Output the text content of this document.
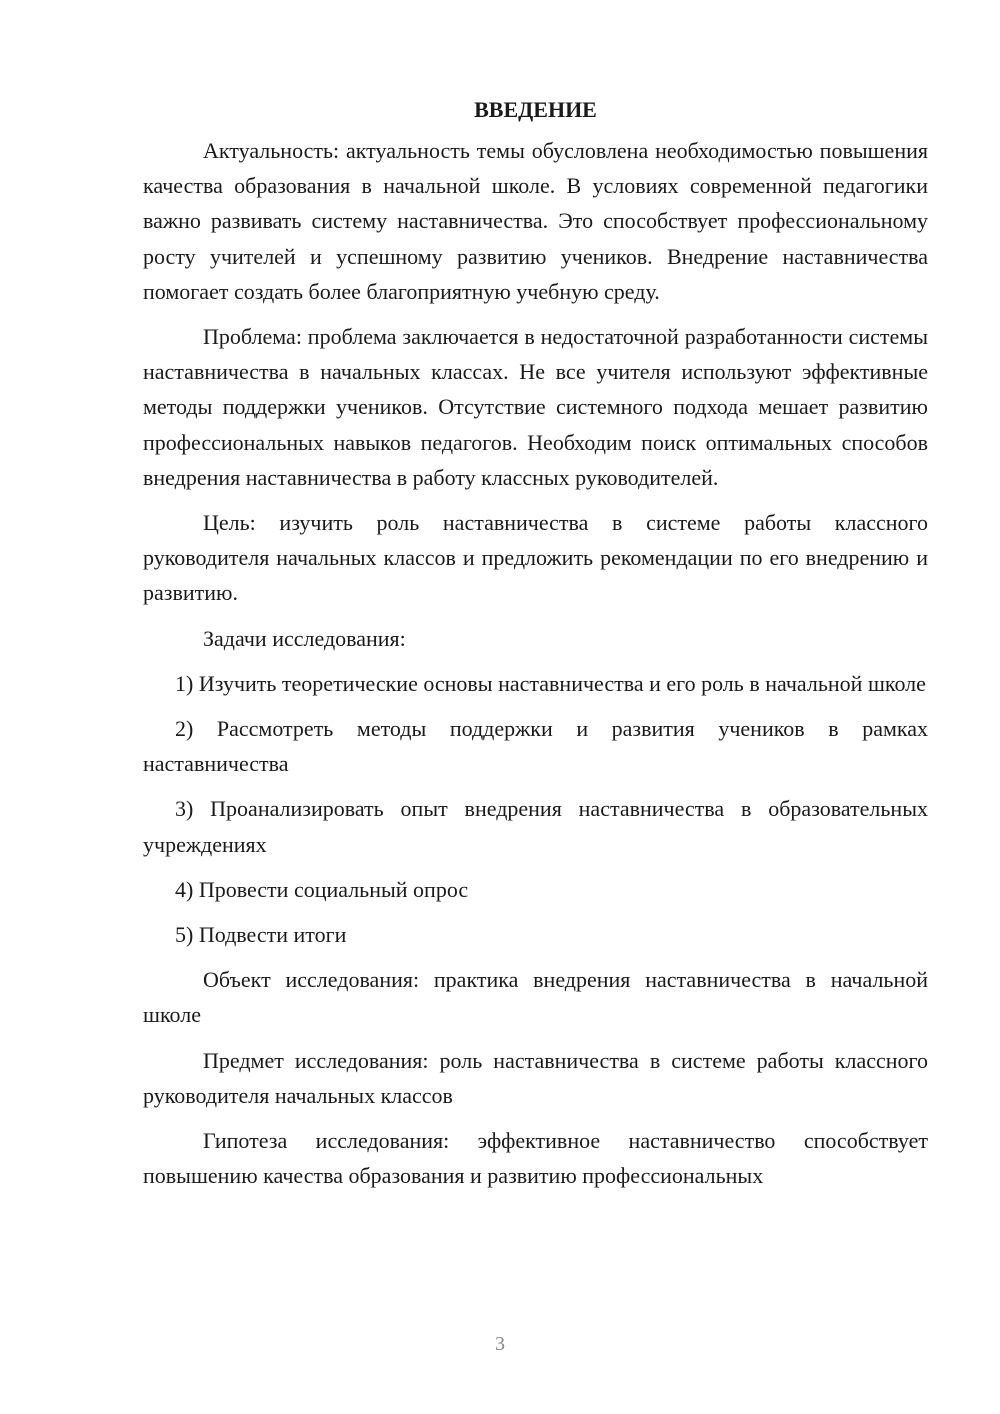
ВВЕДЕНИЕ

Актуальность: актуальность темы обусловлена необходимостью повышения качества образования в начальной школе. В условиях современной педагогики важно развивать систему наставничества. Это способствует профессиональному росту учителей и успешному развитию учеников. Внедрение наставничества помогает создать более благоприятную учебную среду.

Проблема: проблема заключается в недостаточной разработанности системы наставничества в начальных классах. Не все учителя используют эффективные методы поддержки учеников. Отсутствие системного подхода мешает развитию профессиональных навыков педагогов. Необходим поиск оптимальных способов внедрения наставничества в работу классных руководителей.

Цель: изучить роль наставничества в системе работы классного руководителя начальных классов и предложить рекомендации по его внедрению и развитию.

Задачи исследования:

1) Изучить теоретические основы наставничества и его роль в начальной школе

2) Рассмотреть методы поддержки и развития учеников в рамках наставничества

3) Проанализировать опыт внедрения наставничества в образовательных учреждениях

4) Провести социальный опрос

5) Подвести итоги

Объект исследования: практика внедрения наставничества в начальной школе

Предмет исследования: роль наставничества в системе работы классного руководителя начальных классов

Гипотеза исследования: эффективное наставничество способствует повышению качества образования и развитию профессиональных

3
